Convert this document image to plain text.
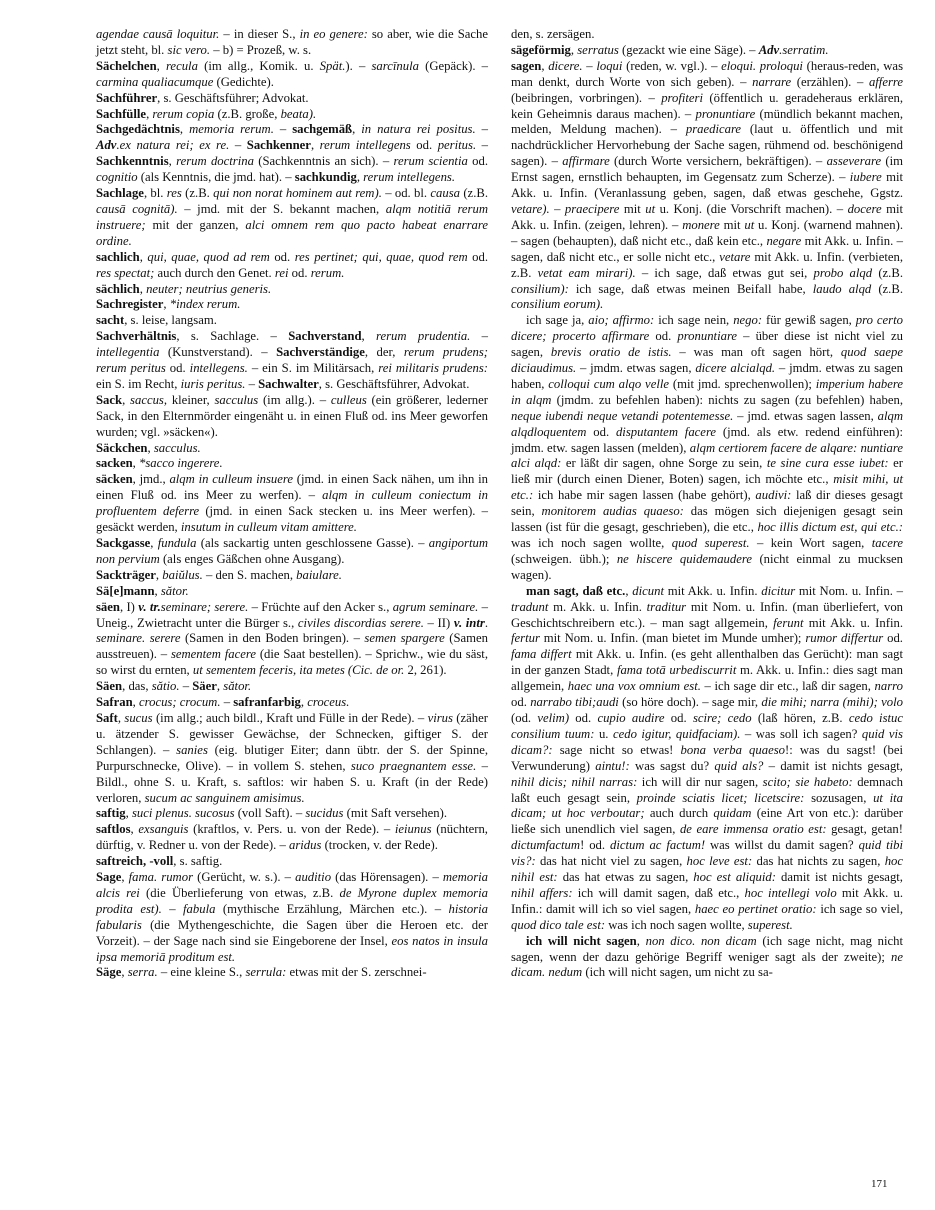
agendae causā loquitur. – in dieser S., in eo genere: so aber, wie die Sache jetzt steht, bl. sic vero. – b) = Prozeß, w. s.

Sächelchen, recula (im allg., Komik. u. Spät.). – sarcīnula (Gepäck). – carmina qualiacumque (Gedichte).

Sachführer, s. Geschäftsführer; Advokat.

Sachfülle, rerum copia (z.B. große, beata).

Sachgedächtnis, memoria rerum. – sachgemäß, in natura rei positus. – Adv.ex natura rei; ex re. – Sachkenner, rerum intellegens od. peritus. – Sachkenntnis, rerum doctrina (Sachkenntnis an sich). – rerum scientia od. cognitio (als Kenntnis, die jmd. hat). – sachkundig, rerum intellegens.

Sachlage, bl. res (z.B. qui non norat hominem aut rem). – od. bl. causa (z.B. causā cognitā). – jmd. mit der S. bekannt machen, alqm notitiā rerum instruere; mit der ganzen, alci omnem rem quo pacto habeat enarrare ordine.

sachlich, qui, quae, quod ad rem od. res pertinet; qui, quae, quod rem od. res spectat; auch durch den Genet. rei od. rerum.

sächlich, neuter; neutrius generis.

Sachregister, *index rerum.

sacht, s. leise, langsam.

Sachverhältnis, s. Sachlage. – Sachverstand, rerum prudentia. – intellegentia (Kunstverstand). – Sachverständige, der, rerum prudens; rerum peritus od. intellegens. – ein S. im Militärsach, rei militaris prudens: ein S. im Recht, iuris peritus. – Sachwalter, s. Geschäftsführer, Advokat.

Sack, saccus, kleiner, sacculus (im allg.). – culleus (ein größerer, lederner Sack, in den Elternmörder eingenäht u. in einen Fluß od. ins Meer geworfen wurden; vgl. »säcken«).

Säckchen, sacculus.

sacken, *sacco ingerere.

säcken, jmd., alqm in culleum insuere (jmd. in einen Sack nähen, um ihn in einen Fluß od. ins Meer zu werfen). – alqm in culleum coniectum in profluentem deferre (jmd. in einen Sack stecken u. ins Meer werfen). – gesäckt werden, insutum in culleum vitam amittere.

Sackgasse, fundula (als sackartig unten geschlossene Gasse). – angiportum non pervium (als enges Gäßchen ohne Ausgang).

Sackträger, baiŭlus. – den S. machen, baiulare.

Sä[e]mann, sător.

säen, I) v. tr.seminare; serere. – Früchte auf den Acker s., agrum seminare. – Uneig., Zwietracht unter die Bürger s., civiles discordias serere. – II) v. intr. seminare. serere (Samen in den Boden bringen). – semen spargere (Samen ausstreuen). – sementem facere (die Saat bestellen). – Sprichw., wie du säst, so wirst du ernten, ut sementem feceris, ita metes (Cic. de or. 2, 261).

Säen, das, sătio. – Säer, sător.

Safran, crocus; crocum. – safranfarbig, croceus.

Saft, sucus (im allg.; auch bildl., Kraft und Fülle in der Rede). – virus (zäher u. ätzender S. gewisser Gewächse, der Schnecken, giftiger S. der Schlangen). – sanies (eig. blutiger Eiter; dann übtr. der S. der Spinne, Purpurschnecke, Olive). – in vollem S. stehen, suco praegnantem esse. – Bildl., ohne S. u. Kraft, s. saftlos: wir haben S. u. Kraft (in der Rede) verloren, sucum ac sanguinem amisimus.

saftig, suci plenus. sucosus (voll Saft). – sucidus (mit Saft versehen).

saftlos, exsanguis (kraftlos, v. Pers. u. von der Rede). – ieiunus (nüchtern, dürftig, v. Redner u. von der Rede). – aridus (trocken, v. der Rede).

saftreich, -voll, s. saftig.

Sage, fama. rumor (Gerücht, w. s.). – auditio (das Hörensagen). – memoria alcis rei (die Überlieferung von etwas, z.B. de Myrone duplex memoria prodita est). – fabula (mythische Erzählung, Märchen etc.). – historia fabularis (die Mythengeschichte, die Sagen über die Heroen etc. der Vorzeit). – der Sage nach sind sie Eingeborene der Insel, eos natos in insula ipsa memoriā proditum est.

Säge, serra. – eine kleine S., serrula: etwas mit der S. zerschnei-

den, s. zersägen.

sägeförmig, serratus (gezackt wie eine Säge). – Adv.serratim.

sagen, dicere. – loqui (reden, w. vgl.). – eloqui. proloqui (heraus-reden, was man denkt, durch Worte von sich geben). – narrare (erzählen). – afferre (beibringen, vorbringen). – profiteri (öffentlich u. geradeheraus erklären, kein Geheimnis daraus machen). – pronuntiare (mündlich bekannt machen, melden, Meldung machen). – praedicare (laut u. öffentlich und mit nachdrücklicher Hervorhebung der Sache sagen, rühmend od. beschönigend sagen). – affirmare (durch Worte versichern, bekräftigen). – asseverare (im Ernst sagen, ernstlich behaupten, im Gegensatz zum Scherze). – iubere mit Akk. u. Infin. (Veranlassung geben, sagen, daß etwas geschehe, Ggstz. vetare). – praecipere mit ut u. Konj. (die Vorschrift machen). – docere mit Akk. u. Infin. (zeigen, lehren). – monere mit ut u. Konj. (warnend mahnen). – sagen (behaupten), daß nicht etc., daß kein etc., negare mit Akk. u. Infin. – sagen, daß nicht etc., er solle nicht etc., vetare mit Akk. u. Infin. (verbieten, z.B. vetat eam mirari). – ich sage, daß etwas gut sei, probo alqd (z.B. consilium): ich sage, daß etwas meinen Beifall habe, laudo alqd (z.B. consilium eorum).

ich sage ja, aio; affirmo: ich sage nein, nego: für gewiß sagen, pro certo dicere; procerto affirmare od. pronuntiare – über diese ist nicht viel zu sagen, brevis oratio de istis. – was man oft sagen hört, quod saepe diciaudimus. – jmdm. etwas sagen, dicere alcialqd. – jmdm. etwas zu sagen haben, colloqui cum alqo velle (mit jmd. sprechenwollen); imperium habere in alqm (jmdm. zu befehlen haben): nichts zu sagen (zu befehlen) haben, neque iubendi neque vetandi potentemesse. – jmd. etwas sagen lassen, alqm alqdloquentem od. disputantem facere (jmd. als etw. redend einführen): jmdm. etw. sagen lassen (melden), alqm certiorem facere de alqare: nuntiare alci alqd: er läßt dir sagen, ohne Sorge zu sein, te sine cura esse iubet: er ließ mir (durch einen Diener, Boten) sagen, ich möchte etc., misit mihi, ut etc.: ich habe mir sagen lassen (habe gehört), audivi: laß dir dieses gesagt sein, monitorem audias quaeso: das mögen sich diejenigen gesagt sein lassen (ist für die gesagt, geschrieben), die etc., hoc illis dictum est, qui etc.: was ich noch sagen wollte, quod superest. – kein Wort sagen, tacere (schweigen. übh.); ne hiscere quidemaudere (nicht einmal zu mucksen wagen).

man sagt, daß etc., dicunt mit Akk. u. Infin. dicitur mit Nom. u. Infin. – tradunt m. Akk. u. Infin. traditur mit Nom. u. Infin. (man überliefert, von Geschichtschreibern etc.). – man sagt allgemein, ferunt mit Akk. u. Infin. fertur mit Nom. u. Infin. (man bietet im Munde umher); rumor differtur od. fama differt mit Akk. u. Infin. (es geht allenthalben das Gerücht): man sagt in der ganzen Stadt, fama totā urbediscurrit m. Akk. u. Infin.: dies sagt man allgemein, haec una vox omnium est. – ich sage dir etc., laß dir sagen, narro od. narrabo tibi;audi (so höre doch). – sage mir, die mihi; narra (mihi); volo (od. velim) od. cupio audire od. scire; cedo (laß hören, z.B. cedo istuc consilium tuum: u. cedo igitur, quidfaciam). – was soll ich sagen? quid vis dicam?: sage nicht so etwas! bona verba quaeso!: was du sagst! (bei Verwunderung) aintu!: was sagst du? quid als? – damit ist nichts gesagt, nihil dicis; nihil narras: ich will dir nur sagen, scito; sie habeto: demnach laßt euch gesagt sein, proinde sciatis licet; licetscire: sozusagen, ut ita dicam; ut hoc verboutar; auch durch quidam (eine Art von etc.): darüber ließe sich unendlich viel sagen, de eare immensa oratio est: gesagt, getan! dictumfactum! od. dictum ac factum! was willst du damit sagen? quid tibi vis?: das hat nicht viel zu sagen, hoc leve est: das hat nichts zu sagen, hoc nihil est: das hat etwas zu sagen, hoc est aliquid: damit ist nichts gesagt, nihil affers: ich will damit sagen, daß etc., hoc intellegi volo mit Akk. u. Infin.: damit will ich so viel sagen, haec eo pertinet oratio: ich sage so viel, quod dico tale est: was ich noch sagen wollte, superest.

ich will nicht sagen, non dico. non dicam (ich sage nicht, mag nicht sagen, wenn der dazu gehörige Begriff weniger sagt als der zweite); ne dicam. nedum (ich will nicht sagen, um nicht zu sa-

171
